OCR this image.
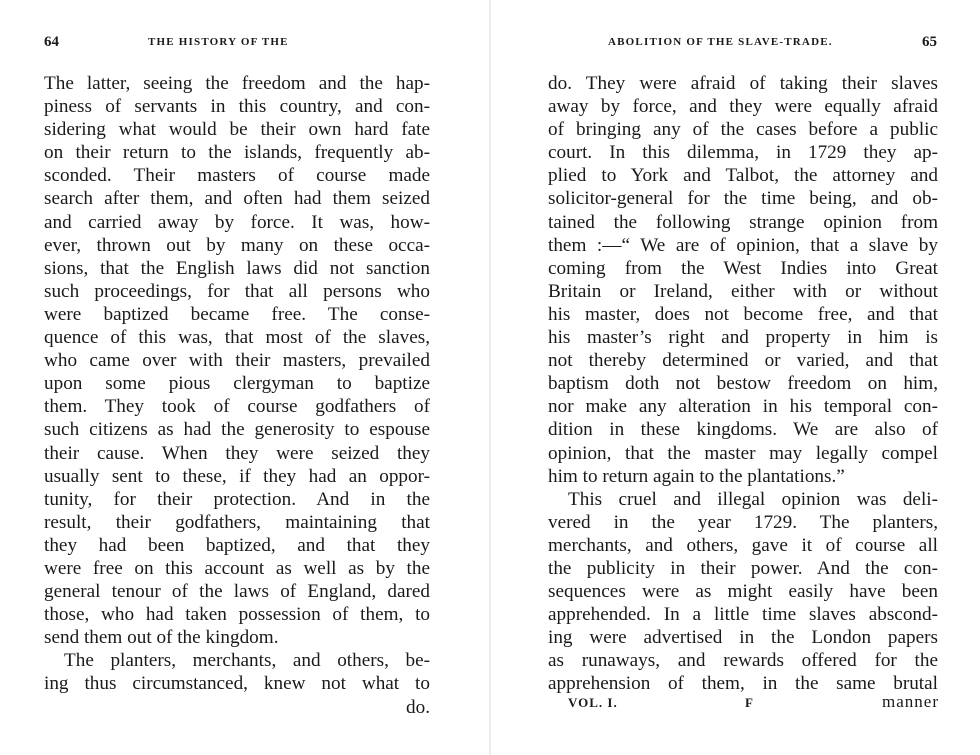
64	THE HISTORY OF THE
The latter, seeing the freedom and the hap-
piness of servants in this country, and con-
sidering what would be their own hard fate
on their return to the islands, frequently ab-
sconded. Their masters of course made
search after them, and often had them seized
and carried away by force. It was, how-
ever, thrown out by many on these occa-
sions, that the English laws did not sanction
such proceedings, for that all persons who
were baptized became free. The conse-
quence of this was, that most of the slaves,
who came over with their masters, prevailed
upon some pious clergyman to baptize
them. They took of course godfathers of
such citizens as had the generosity to espouse
their cause. When they were seized they
usually sent to these, if they had an oppor-
tunity, for their protection. And in the
result, their godfathers, maintaining that
they had been baptized, and that they
were free on this account as well as by the
general tenour of the laws of England, dared
those, who had taken possession of them, to
send them out of the kingdom.
The planters, merchants, and others, be-
ing thus circumstanced, knew not what to
do.
ABOLITION OF THE SLAVE-TRADE.	65
do. They were afraid of taking their slaves
away by force, and they were equally afraid
of bringing any of the cases before a public
court. In this dilemma, in 1729 they ap-
plied to York and Talbot, the attorney and
solicitor-general for the time being, and ob-
tained the following strange opinion from
them :—“ We are of opinion, that a slave by
coming from the West Indies into Great
Britain or Ireland, either with or without
his master, does not become free, and that
his master’s right and property in him is
not thereby determined or varied, and that
baptism doth not bestow freedom on him,
nor make any alteration in his temporal con-
dition in these kingdoms. We are also of
opinion, that the master may legally compel
him to return again to the plantations.”
This cruel and illegal opinion was deli-
vered in the year 1729. The planters,
merchants, and others, gave it of course all
the publicity in their power. And the con-
sequences were as might easily have been
apprehended. In a little time slaves abscond-
ing were advertised in the London papers
as runaways, and rewards offered for the
apprehension of them, in the same brutal
VOL. I.	F	manner
